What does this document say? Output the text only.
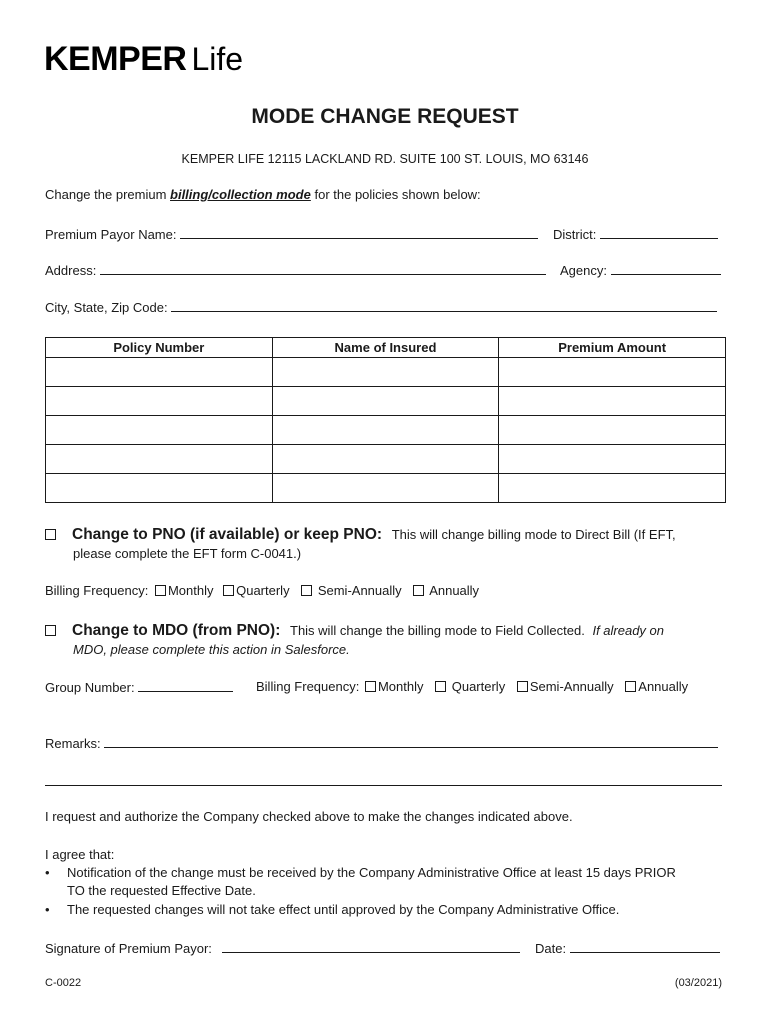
KEMPER Life
MODE CHANGE REQUEST
KEMPER LIFE 12115 LACKLAND RD. SUITE 100 ST. LOUIS, MO 63146
Change the premium billing/collection mode for the policies shown below:
Premium Payor Name:	District:
Address:	Agency:
City, State, Zip Code:
Policy Number	Name of Insured	Premium Amount

Change to PNO (if available) or keep PNO: This will change billing mode to Direct Bill (If EFT,
please complete the EFT form C-0041.)
Billing Frequency: Monthly Quarterly Semi-Annually Annually
Change to MDO (from PNO): This will change the billing mode to Field Collected. If already on
MDO, please complete this action in Salesforce.
Group Number:	Billing Frequency: Monthly Quarterly Semi-Annually Annually
Remarks:
I request and authorize the Company checked above to make the changes indicated above.
I agree that:
• Notification of the change must be received by the Company Administrative Office at least 15 days PRIOR
TO the requested Effective Date.
• The requested changes will not take effect until approved by the Company Administrative Office.
Signature of Premium Payor:	Date:
C-0022	(03/2021)
